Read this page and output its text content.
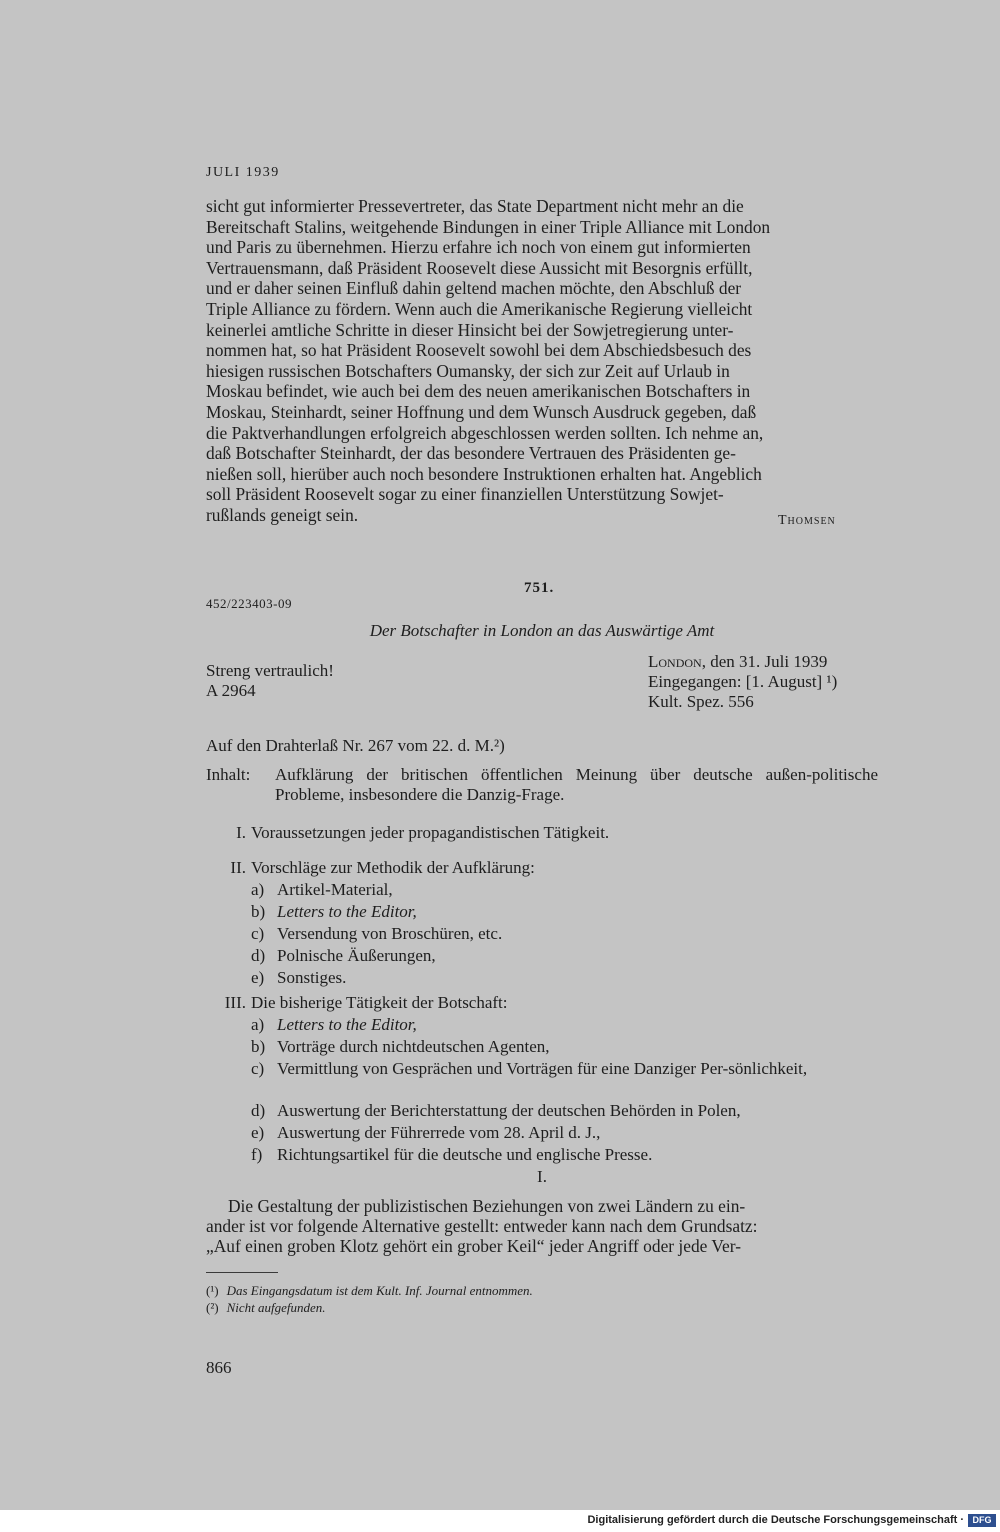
JULI 1939
sicht gut informierter Pressevertreter, das State Department nicht mehr an die
Bereitschaft Stalins, weitgehende Bindungen in einer Triple Alliance mit London
und Paris zu übernehmen. Hierzu erfahre ich noch von einem gut informierten
Vertrauensmann, daß Präsident Roosevelt diese Aussicht mit Besorgnis erfüllt,
und er daher seinen Einfluß dahin geltend machen möchte, den Abschluß der
Triple Alliance zu fördern. Wenn auch die Amerikanische Regierung vielleicht
keinerlei amtliche Schritte in dieser Hinsicht bei der Sowjetregierung unter-
nommen hat, so hat Präsident Roosevelt sowohl bei dem Abschiedsbesuch des
hiesigen russischen Botschafters Oumansky, der sich zur Zeit auf Urlaub in
Moskau befindet, wie auch bei dem des neuen amerikanischen Botschafters in
Moskau, Steinhardt, seiner Hoffnung und dem Wunsch Ausdruck gegeben, daß
die Paktverhandlungen erfolgreich abgeschlossen werden sollten. Ich nehme an,
daß Botschafter Steinhardt, der das besondere Vertrauen des Präsidenten ge-
nießen soll, hierüber auch noch besondere Instruktionen erhalten hat. Angeblich
soll Präsident Roosevelt sogar zu einer finanziellen Unterstützung Sowjet-
rußlands geneigt sein.	Thomsen
751.
452/223403-09
Der Botschafter in London an das Auswärtige Amt
Streng vertraulich!
A 2964
London, den 31. Juli 1939
Eingegangen: [1. August] ¹)
Kult. Spez. 556
Auf den Drahterlaß Nr. 267 vom 22. d. M.²)
Inhalt: Aufklärung der britischen öffentlichen Meinung über deutsche außen-politische Probleme, insbesondere die Danzig-Frage.
I. Voraussetzungen jeder propagandistischen Tätigkeit.
II. Vorschläge zur Methodik der Aufklärung:
a) Artikel-Material,
b) Letters to the Editor,
c) Versendung von Broschüren, etc.
d) Polnische Äußerungen,
e) Sonstiges.
III. Die bisherige Tätigkeit der Botschaft:
a) Letters to the Editor,
b) Vorträge durch nichtdeutschen Agenten,
c) Vermittlung von Gesprächen und Vorträgen für eine Danziger Per-sönlichkeit,
d) Auswertung der Berichterstattung der deutschen Behörden in Polen,
e) Auswertung der Führerrede vom 28. April d. J.,
f) Richtungsartikel für die deutsche und englische Presse.
I.
Die Gestaltung der publizistischen Beziehungen von zwei Ländern zu ein-
ander ist vor folgende Alternative gestellt: entweder kann nach dem Grundsatz:
„Auf einen groben Klotz gehört ein grober Keil“ jeder Angriff oder jede Ver-
(¹) Das Eingangsdatum ist dem Kult. Inf. Journal entnommen.
(²) Nicht aufgefunden.
866
Digitalisierung gefördert durch die Deutsche Forschungsgemeinschaft · DFG
